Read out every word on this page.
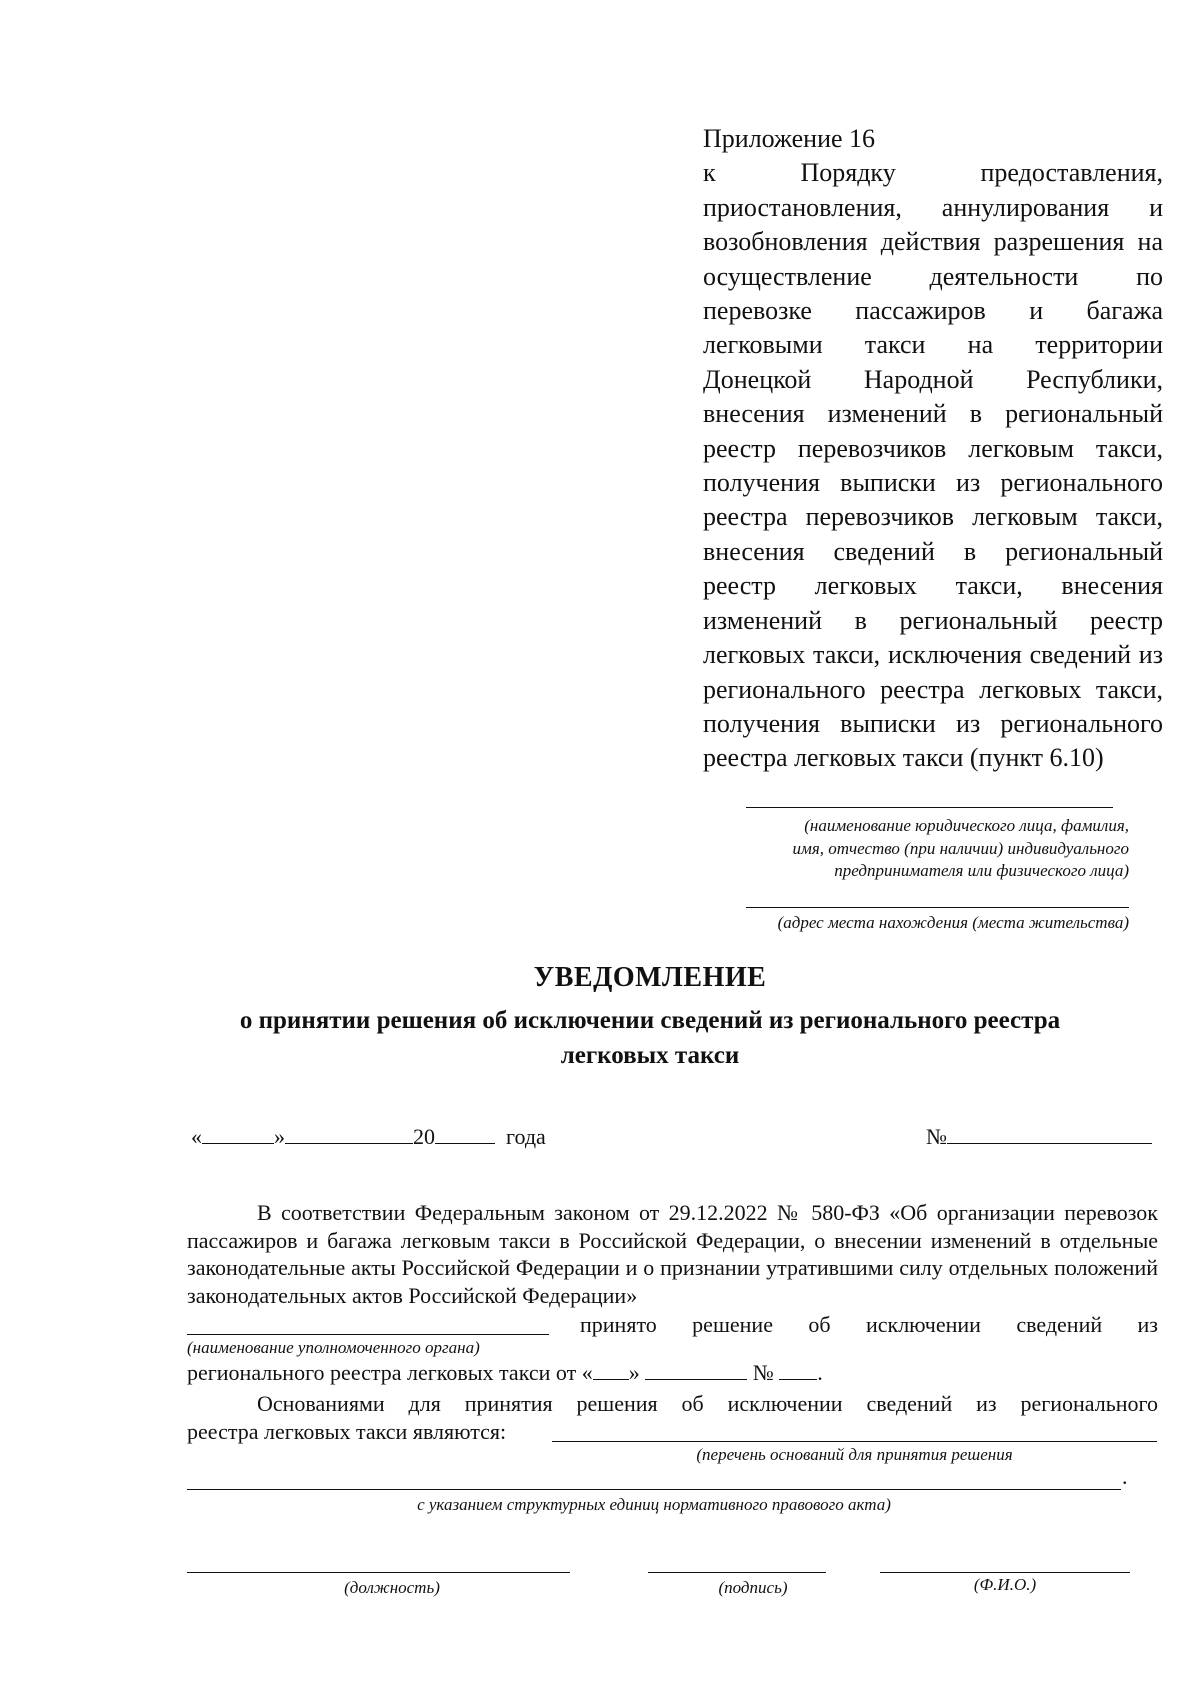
Приложение 16
к Порядку предоставления, приостановления, аннулирования и возобновления действия разрешения на осуществление деятельности по перевозке пассажиров и багажа легковыми такси на территории Донецкой Народной Республики, внесения изменений в региональный реестр перевозчиков легковым такси, получения выписки из регионального реестра перевозчиков легковым такси, внесения сведений в региональный реестр легковых такси, внесения изменений в региональный реестр легковых такси, исключения сведений из регионального реестра легковых такси, получения выписки из регионального реестра легковых такси (пункт 6.10)
(наименование юридического лица, фамилия,
имя, отчество (при наличии) индивидуального
предпринимателя или физического лица)
(адрес места нахождения (места жительства)
УВЕДОМЛЕНИЕ
о принятии решения об исключении сведений из регионального реестра
легковых такси
«	»	20	года	№
В соответствии Федеральным законом от 29.12.2022 № 580-ФЗ «Об организации перевозок пассажиров и багажа легковым такси в Российской Федерации, о внесении изменений в отдельные законодательные акты Российской Федерации и о признании утратившими силу отдельных положений законодательных актов Российской Федерации»
принято решение об исключении сведений из
(наименование уполномоченного органа)
регионального реестра легковых такси от « »	№ .
Основаниями для принятия решения об исключении сведений из регионального
реестра легковых такси являются:
(перечень оснований для принятия решения
.
с указанием структурных единиц нормативного правового акта)
(должность)	(подпись)	(Ф.И.О.)
